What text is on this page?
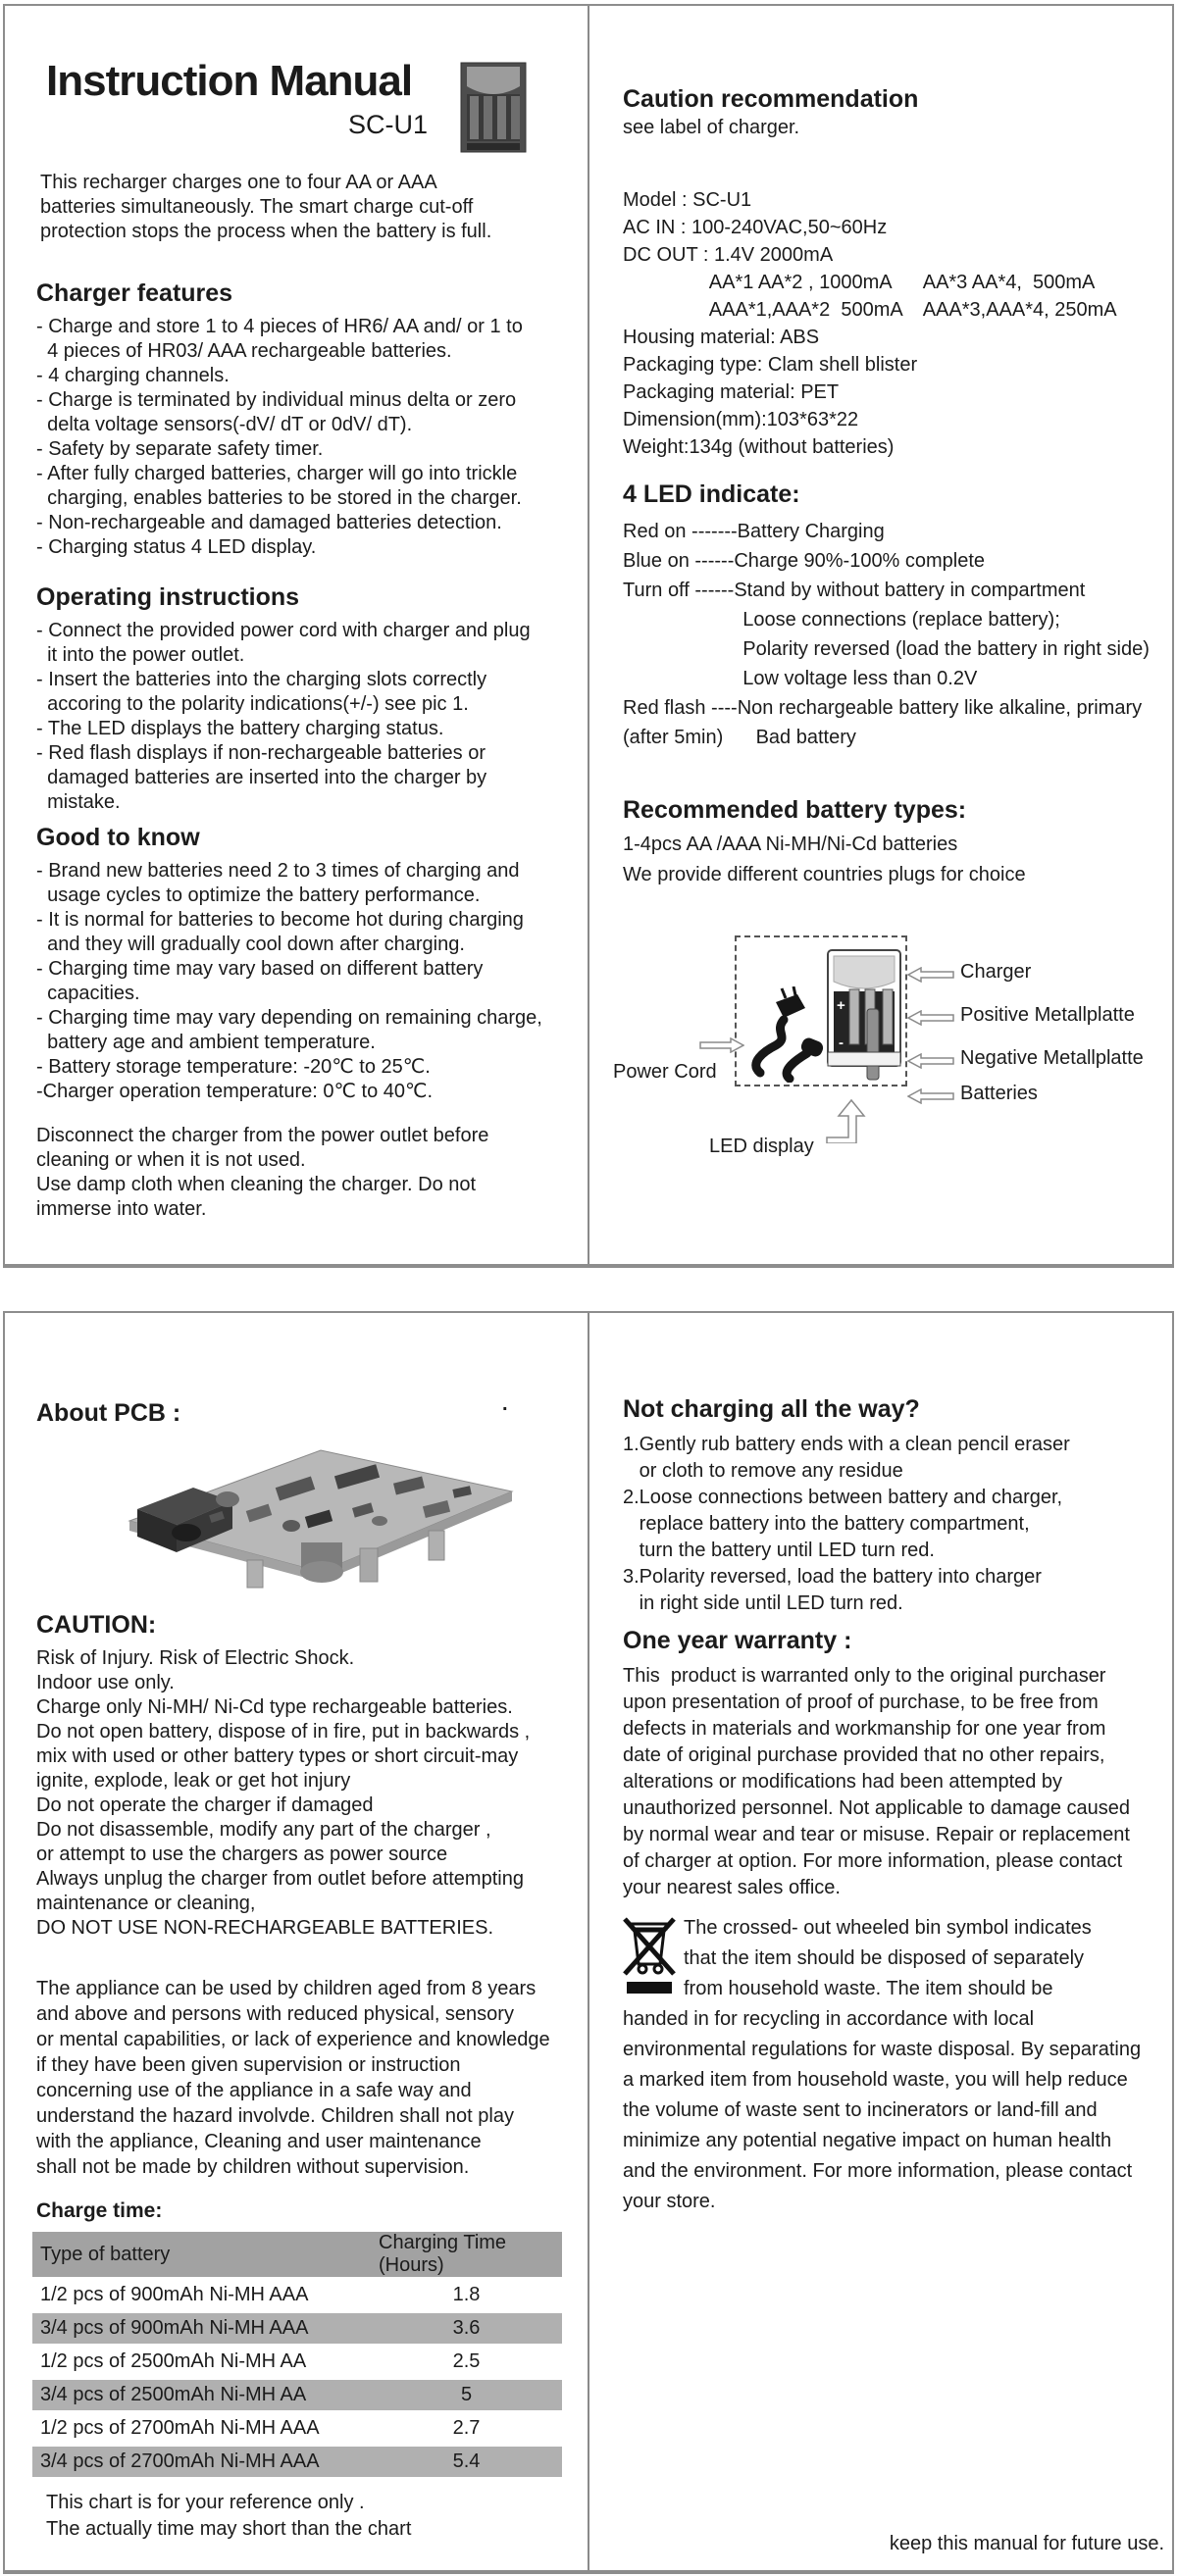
Instruction Manual
SC-U1
This recharger charges one to four AA or AAA
batteries simultaneously. The smart charge cut-off
protection stops the process when the battery is full.
Charger features
- Charge and store 1 to 4 pieces of HR6/ AA and/ or 1 to
4 pieces of HR03/ AAA rechargeable batteries.
- 4 charging channels.
- Charge is terminated by individual minus delta or zero
delta voltage sensors(-dV/ dT or 0dV/ dT).
- Safety by separate safety timer.
- After fully charged batteries, charger will go into trickle
charging, enables batteries to be stored in the charger.
- Non-rechargeable and damaged batteries detection.
- Charging status 4 LED display.
Operating instructions
- Connect the provided power cord with charger and plug
it into the power outlet.
- Insert the batteries into the charging slots correctly
accoring to the polarity indications(+/-) see pic 1.
- The LED displays the battery charging status.
- Red flash displays if non-rechargeable batteries or
damaged batteries are inserted into the charger by
mistake.
Good to know
- Brand new batteries need 2 to 3 times of charging and
usage cycles to optimize the battery performance.
- It is normal for batteries to become hot during charging
and they will gradually cool down after charging.
- Charging time may vary based on different battery
capacities.
- Charging time may vary depending on remaining charge,
battery age and ambient temperature.
- Battery storage temperature: -20℃ to 25℃.
-Charger operation temperature: 0℃ to 40℃.
Disconnect the charger from the power outlet before
cleaning or when it is not used.
Use damp cloth when cleaning the charger. Do not
immerse into water.
Caution recommendation
see label of charger.
Model : SC-U1
AC IN : 100-240VAC,50~60Hz
DC OUT : 1.4V 2000mA
AA*1 AA*2 , 1000mA      AA*3 AA*4,  500mA
AAA*1,AAA*2  500mA    AAA*3,AAA*4, 250mA
Housing material: ABS
Packaging type: Clam shell blister
Packaging material: PET
Dimension(mm):103*63*22
Weight:134g (without batteries)
4 LED indicate:
Red on -------Battery Charging
Blue on ------Charge 90%-100% complete
Turn off ------Stand by without battery in compartment
Loose connections (replace battery);
Polarity reversed (load the battery in right side)
Low voltage less than 0.2V
Red flash ----Non rechargeable battery like alkaline, primary
(after 5min)      Bad battery
Recommended battery types:
1-4pcs AA /AAA Ni-MH/Ni-Cd batteries
We provide different countries plugs for choice
+
-
Charger
Positive Metallplatte
Negative Metallplatte
Batteries
Power Cord
LED display
About PCB :	.
CAUTION:
Risk of Injury. Risk of Electric Shock.
Indoor use only.
Charge only Ni-MH/ Ni-Cd type rechargeable batteries.
Do not open battery, dispose of in fire, put in backwards ,
mix with used or other battery types or short circuit-may
ignite, explode, leak or get hot injury
Do not operate the charger if damaged
Do not disassemble, modify any part of the charger ,
or attempt to use the chargers as power source
Always unplug the charger from outlet before attempting
maintenance or cleaning,
DO NOT USE NON-RECHARGEABLE BATTERIES.
The appliance can be used by children aged from 8 years
and above and persons with reduced physical, sensory
or mental capabilities, or lack of experience and knowledge
if they have been given supervision or instruction
concerning use of the appliance in a safe way and
understand the hazard involvde. Children shall not play
with the appliance, Cleaning and user maintenance
shall not be made by children without supervision.
Charge time:
Type of battery	Charging Time (Hours)
1/2 pcs of 900mAh Ni-MH AAA	1.8
3/4 pcs of 900mAh Ni-MH AAA	3.6
1/2 pcs of 2500mAh Ni-MH AA	2.5
3/4 pcs of 2500mAh Ni-MH AA	5
1/2 pcs of 2700mAh Ni-MH AAA	2.7
3/4 pcs of 2700mAh Ni-MH AAA	5.4
This chart is for your reference only .
The actually time may short than the chart
Not charging all the way?
1.Gently rub battery ends with a clean pencil eraser
or cloth to remove any residue
2.Loose connections between battery and charger,
replace battery into the battery compartment,
turn the battery until LED turn red.
3.Polarity reversed, load the battery into charger
in right side until LED turn red.
One year warranty :
This  product is warranted only to the original purchaser
upon presentation of proof of purchase, to be free from
defects in materials and workmanship for one year from
date of original purchase provided that no other repairs,
alterations or modifications had been attempted by
unauthorized personnel. Not applicable to damage caused
by normal wear and tear or misuse. Repair or replacement
of charger at option. For more information, please contact
your nearest sales office.
The crossed- out wheeled bin symbol indicates
that the item should be disposed of separately
from household waste. The item should be
handed in for recycling in accordance with local
environmental regulations for waste disposal. By separating
a marked item from household waste, you will help reduce
the volume of waste sent to incinerators or land-fill and
minimize any potential negative impact on human health
and the environment. For more information, please contact
your store.
keep this manual for future use.
